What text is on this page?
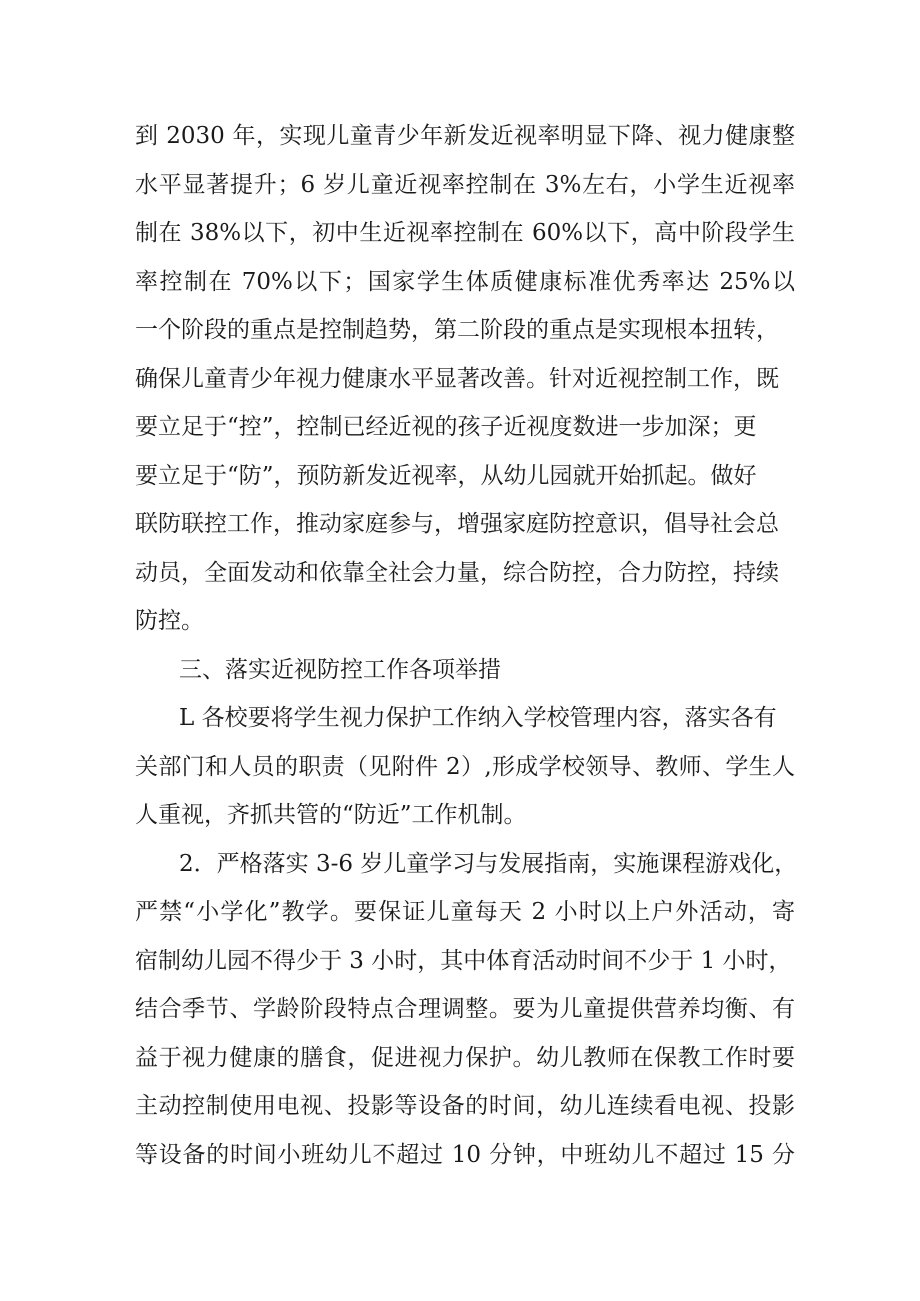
到 2030 年，实现儿童青少年新发近视率明显下降、视力健康整
水平显著提升；6 岁儿童近视率控制在 3%左右，小学生近视率
制在 38%以下，初中生近视率控制在 60%以下，高中阶段学生
率控制在 70%以下；国家学生体质健康标准优秀率达 25%以
一个阶段的重点是控制趋势，第二阶段的重点是实现根本扭转，
确保儿童青少年视力健康水平显著改善。针对近视控制工作，既
要立足于“控”，控制已经近视的孩子近视度数进一步加深；更
要立足于“防”，预防新发近视率，从幼儿园就开始抓起。做好
联防联控工作，推动家庭参与，增强家庭防控意识，倡导社会总
动员，全面发动和依靠全社会力量，综合防控，合力防控，持续
防控。
三、落实近视防控工作各项举措
L 各校要将学生视力保护工作纳入学校管理内容，落实各有
关部门和人员的职责（见附件 2）,形成学校领导、教师、学生人
人重视，齐抓共管的“防近”工作机制。
2．严格落实 3-6 岁儿童学习与发展指南，实施课程游戏化，
严禁“小学化”教学。要保证儿童每天 2 小时以上户外活动，寄
宿制幼儿园不得少于 3 小时，其中体育活动时间不少于 1 小时，
结合季节、学龄阶段特点合理调整。要为儿童提供营养均衡、有
益于视力健康的膳食，促进视力保护。幼儿教师在保教工作时要
主动控制使用电视、投影等设备的时间，幼儿连续看电视、投影
等设备的时间小班幼儿不超过 10 分钟，中班幼儿不超过 15 分
